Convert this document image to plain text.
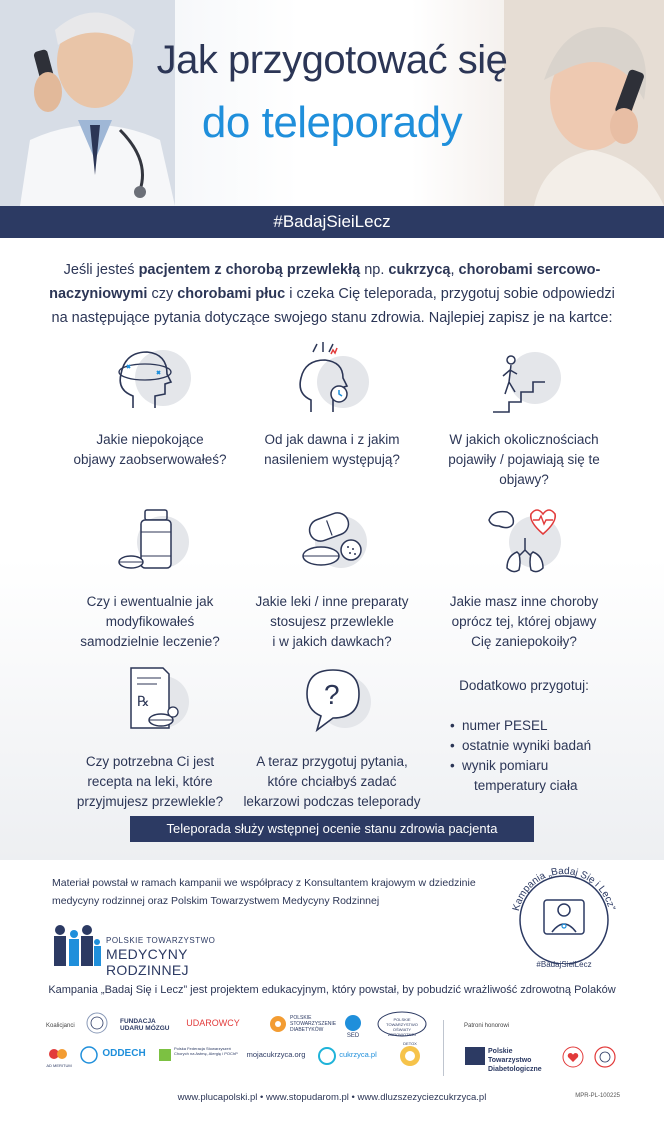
Jak przygotować się
do teleporady
#BadajSieiLecz

Jeśli jesteś pacjentem z chorobą przewlekłą np. cukrzycą, chorobami sercowo-naczyniowymi czy chorobami płuc i czeka Cię teleporada, przygotuj sobie odpowiedzi na następujące pytania dotyczące swojego stanu zdrowia. Najlepiej zapisz je na kartce:

Jakie niepokojące
objawy zaobserwowałeś?
Od jak dawna i z jakim
nasileniem występują?
W jakich okolicznościach
pojawiły / pojawiają się te objawy?
Czy i ewentualnie jak
modyfikowałeś
samodzielnie leczenie?
Jakie leki / inne preparaty
stosujesz przewlekle
i w jakich dawkach?
Jakie masz inne choroby
oprócz tej, której objawy
Cię zaniepokoiły?
℞
Czy potrzebna Ci jest
recepta na leki, które
przyjmujesz przewlekle?
?
A teraz przygotuj pytania,
które chciałbyś zadać
lekarzowi podczas teleporady
Dodatkowo przygotuj:
• numer PESEL
• ostatnie wyniki badań
• wynik pomiaru
temperatury ciała
Teleporada służy wstępnej ocenie stanu zdrowia pacjenta
Materiał powstał w ramach kampanii we współpracy z Konsultantem krajowym w dziedzinie
medycyny rodzinnej oraz Polskim Towarzystwem Medycyny Rodzinnej
POLSKIE TOWARZYSTWO
MEDYCYNY RODZINNEJ
Kampania „Badaj Się i Lecz”
#BadajSieiLecz
Kampania „Badaj Się i Lecz” jest projektem edukacyjnym, który powstał, by pobudzić wrażliwość zdrowotną Polaków
Koalicjanci	Patroni honorowi
FUNDACJA UDARU MÓZGU
UDAROWCY	POLSKIE STOWARZYSZENIE DIABETYKÓW
SED
POLSKIE TOWARZYSTWO OŚWIATY ZDROWOTNEJ
AD MERITUM
ODDECH	Polska Federacja Stowarzyszeń Chorych na Astmę, Alergię i POChP mojacukrzyca.org	cukrzyca.pl
DETOX
Polskie Towarzystwo Diabetologiczne
www.plucapolski.pl • www.stopudarom.pl • www.dluzszezyciezcukrzyca.pl	MPR-PL-100225
